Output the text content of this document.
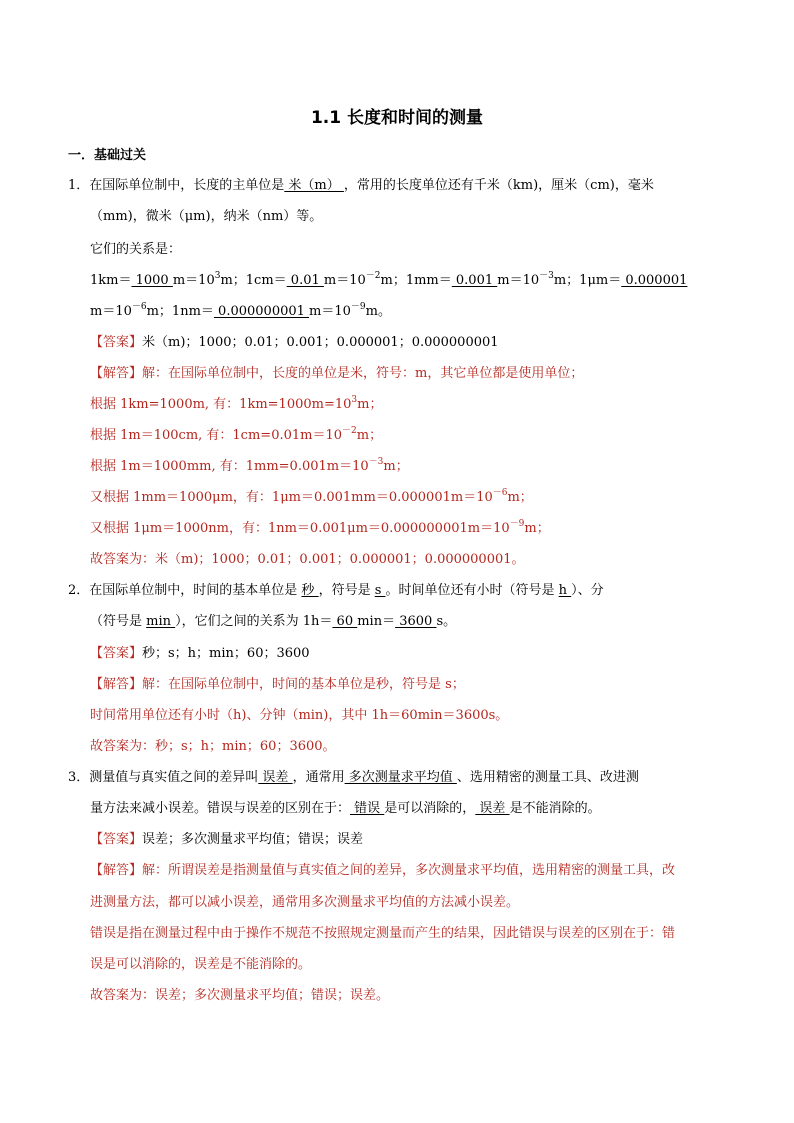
1.1 长度和时间的测量
一．基础过关
1．在国际单位制中，长度的主单位是 米（m） ，常用的长度单位还有千米（km)，厘米（cm)，毫米
（mm)，微米（μm)，纳米（nm）等。
它们的关系是：
1km＝ 1000 $m=10^3m$；1cm＝ 0.01 $m=10^{-2}m$；1mm＝ 0.001 $m=10^{-3}m$；1μm＝ 0.000001
$m=10^{-6}m$；1nm＝ 0.000000001 $m=10^{-9}m$。
【答案】米（m)；1000；0.01；0.001；0.000001；0.000000001
【解答】解：在国际单位制中，长度的单位是米，符号：m，其它单位都是使用单位；
根据 1km=1000m, 有：$1km=1000m=10^3m$；
根据 1m＝100cm, 有：$1cm=0.01m=10^{-2}m$；
根据 1m＝1000mm, 有：$1mm=0.001m=10^{-3}m$；
又根据 1mm＝1000μm，有：$1\mu m=0.001mm=0.000001m=10^{-6}m$；
又根据 1μm＝1000nm，有：$1nm=0.001\mu m=0.000000001m=10^{-9}m$；
故答案为：米（m)；1000；0.01；0.001；0.000001；0.000000001。
2．在国际单位制中，时间的基本单位是 秒 ，符号是 s 。时间单位还有小时（符号是 h ）、分
（符号是 min ），它们之间的关系为 1h＝ 60 min＝ 3600 s。
【答案】秒；s；h；min；60；3600
【解答】解：在国际单位制中，时间的基本单位是秒，符号是 s；
时间常用单位还有小时（h)、分钟（min)，其中 1h＝60min＝3600s。
故答案为：秒；s；h；min；60；3600。
3．测量值与真实值之间的差异叫 误差 ，通常用 多次测量求平均值 、选用精密的测量工具、改进测
量方法来减小误差。错误与误差的区别在于： 错误 是可以消除的， 误差 是不能消除的。
【答案】误差；多次测量求平均值；错误；误差
【解答】解：所谓误差是指测量值与真实值之间的差异，多次测量求平均值，选用精密的测量工具，改
进测量方法，都可以减小误差，通常用多次测量求平均值的方法减小误差。
错误是指在测量过程中由于操作不规范不按照规定测量而产生的结果，因此错误与误差的区别在于：错
误是可以消除的，误差是不能消除的。
故答案为：误差；多次测量求平均值；错误；误差。
